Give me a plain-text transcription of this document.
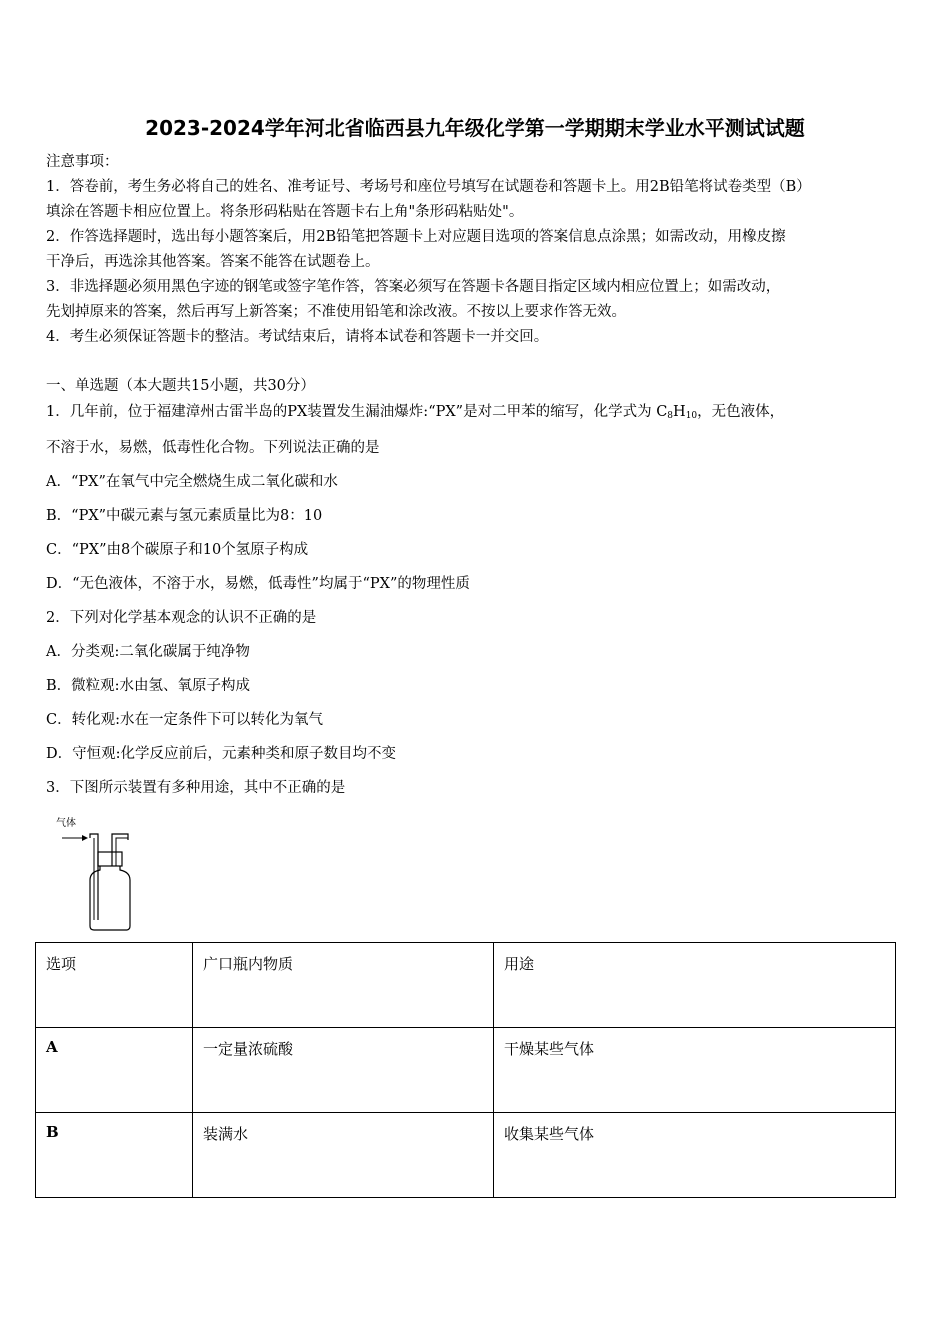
2023-2024学年河北省临西县九年级化学第一学期期末学业水平测试试题
注意事项：
1．答卷前，考生务必将自己的姓名、准考证号、考场号和座位号填写在试题卷和答题卡上。用2B铅笔将试卷类型（B）
填涂在答题卡相应位置上。将条形码粘贴在答题卡右上角"条形码粘贴处"。
2．作答选择题时，选出每小题答案后，用2B铅笔把答题卡上对应题目选项的答案信息点涂黑；如需改动，用橡皮擦
干净后，再选涂其他答案。答案不能答在试题卷上。
3．非选择题必须用黑色字迹的钢笔或签字笔作答，答案必须写在答题卡各题目指定区域内相应位置上；如需改动，
先划掉原来的答案，然后再写上新答案；不准使用铅笔和涂改液。不按以上要求作答无效。
4．考生必须保证答题卡的整洁。考试结束后，请将本试卷和答题卡一并交回。
一、单选题（本大题共15小题，共30分）
1．几年前，位于福建漳州古雷半岛的PX装置发生漏油爆炸:“PX”是对二甲苯的缩写，化学式为 $C_8H_{10}$，无色液体，
不溶于水，易燃，低毒性化合物。下列说法正确的是
A．“PX”在氧气中完全燃烧生成二氧化碳和水
B．“PX”中碳元素与氢元素质量比为8：10
C．“PX”由8个碳原子和10个氢原子构成
D．“无色液体，不溶于水，易燃，低毒性”均属于“PX”的物理性质
2．下列对化学基本观念的认识不正确的是
A．分类观:二氧化碳属于纯净物
B．微粒观:水由氢、氧原子构成
C．转化观:水在一定条件下可以转化为氧气
D．守恒观:化学反应前后，元素种类和原子数目均不变
3．下图所示装置有多种用途，其中不正确的是
气体
选项	广口瓶内物质	用途
A	一定量浓硫酸	干燥某些气体
B	装满水	收集某些气体
